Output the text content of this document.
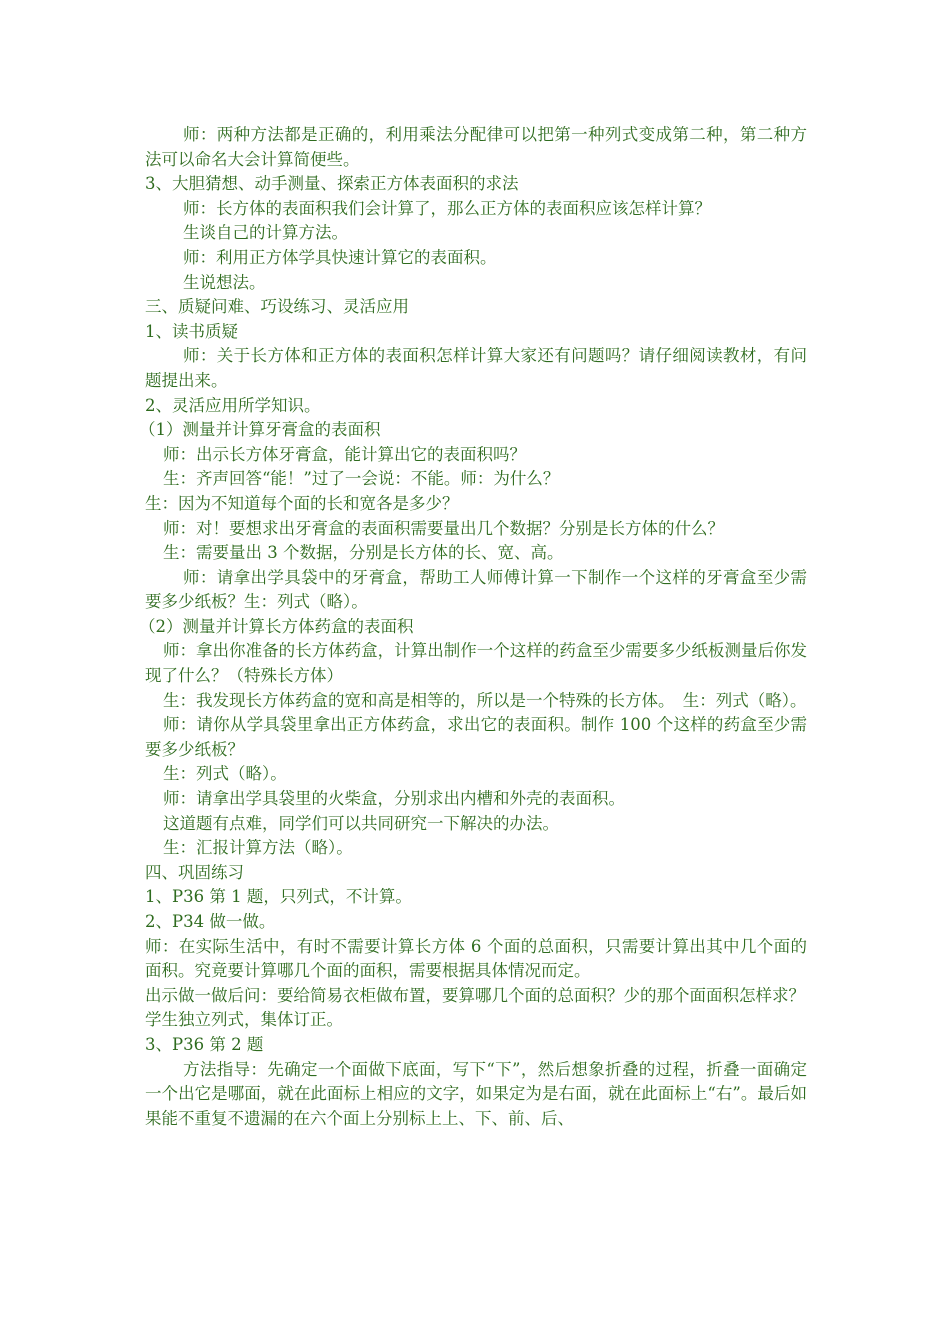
师：两种方法都是正确的，利用乘法分配律可以把第一种列式变成第二种，第二种方法可以命名大会计算简便些。

3、大胆猜想、动手测量、探索正方体表面积的求法

师：长方体的表面积我们会计算了，那么正方体的表面积应该怎样计算？

生谈自己的计算方法。

师：利用正方体学具快速计算它的表面积。

生说想法。

三、质疑问难、巧设练习、灵活应用

1、读书质疑

师：关于长方体和正方体的表面积怎样计算大家还有问题吗？请仔细阅读教材，有问题提出来。

2、灵活应用所学知识。

（1）测量并计算牙膏盒的表面积

师：出示长方体牙膏盒，能计算出它的表面积吗？

生：齐声回答“能！”过了一会说：不能。师：为什么？

生：因为不知道每个面的长和宽各是多少？

师：对！要想求出牙膏盒的表面积需要量出几个数据？分别是长方体的什么？

生：需要量出 3 个数据，分别是长方体的长、宽、高。

师：请拿出学具袋中的牙膏盒，帮助工人师傅计算一下制作一个这样的牙膏盒至少需要多少纸板？生：列式（略）。

（2）测量并计算长方体药盒的表面积

师：拿出你准备的长方体药盒，计算出制作一个这样的药盒至少需要多少纸板测量后你发现了什么？（特殊长方体）

生：我发现长方体药盒的宽和高是相等的，所以是一个特殊的长方体。　生：列式（略）。

师：请你从学具袋里拿出正方体药盒，求出它的表面积。制作 100 个这样的药盒至少需要多少纸板？

生：列式（略）。

师：请拿出学具袋里的火柴盒，分别求出内槽和外壳的表面积。

这道题有点难，同学们可以共同研究一下解决的办法。

生：汇报计算方法（略）。

四、巩固练习

1、P36 第 1 题，只列式，不计算。

2、P34 做一做。

师：在实际生活中，有时不需要计算长方体 6 个面的总面积，只需要计算出其中几个面的面积。究竟要计算哪几个面的面积，需要根据具体情况而定。

出示做一做后问：要给简易衣柜做布置，要算哪几个面的总面积？少的那个面面积怎样求？

学生独立列式，集体订正。

3、P36 第 2 题

方法指导：先确定一个面做下底面，写下“下”，然后想象折叠的过程，折叠一面确定一个出它是哪面，就在此面标上相应的文字，如果定为是右面，就在此面标上“右”。最后如果能不重复不遗漏的在六个面上分别标上上、下、前、后、
